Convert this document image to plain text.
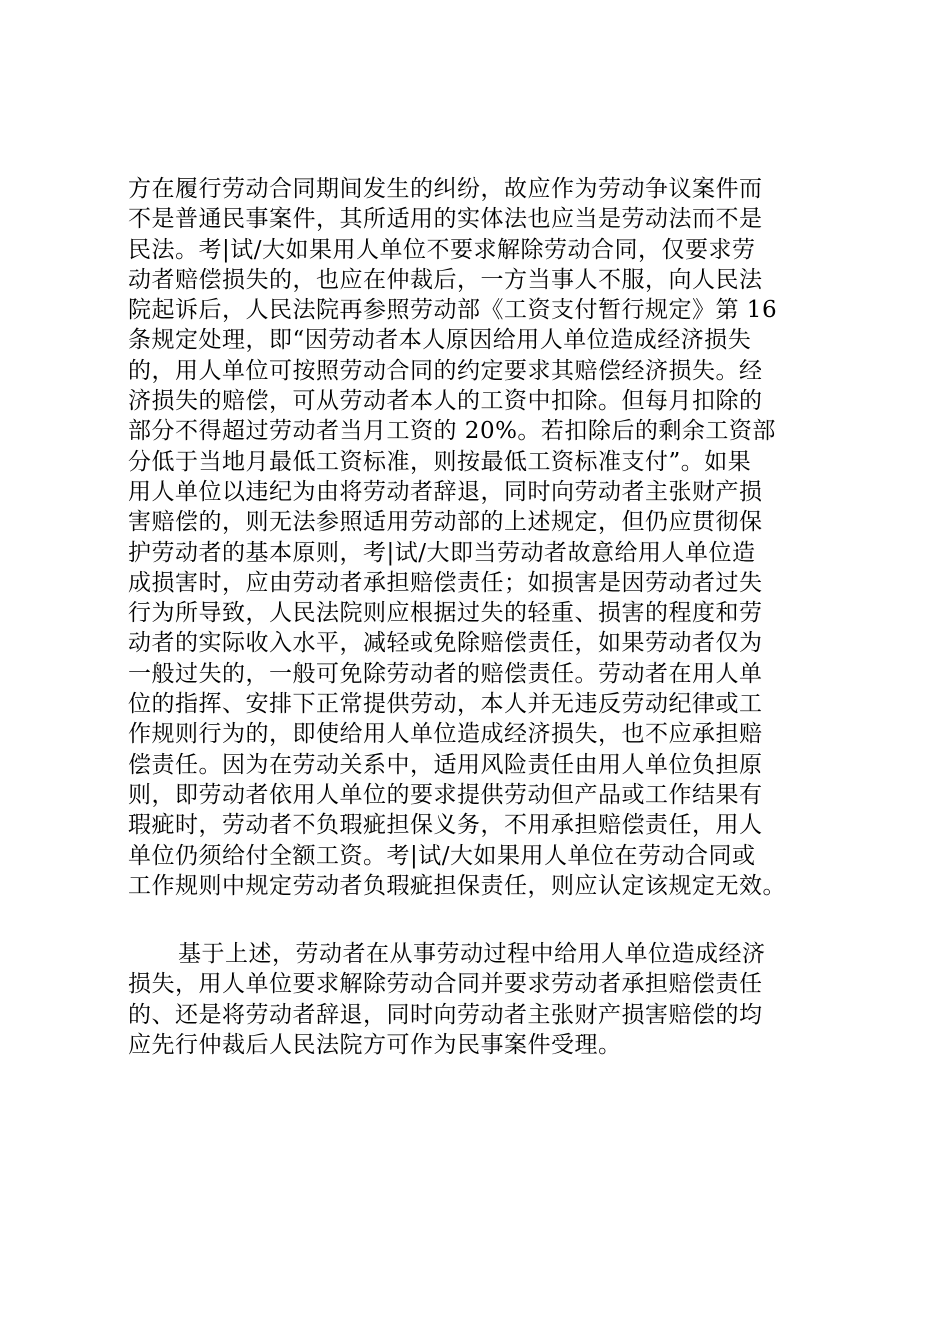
方在履行劳动合同期间发生的纠纷，故应作为劳动争议案件而
不是普通民事案件，其所适用的实体法也应当是劳动法而不是
民法。考|试/大如果用人单位不要求解除劳动合同，仅要求劳
动者赔偿损失的，也应在仲裁后，一方当事人不服，向人民法
院起诉后，人民法院再参照劳动部《工资支付暂行规定》第 16
条规定处理，即“因劳动者本人原因给用人单位造成经济损失
的，用人单位可按照劳动合同的约定要求其赔偿经济损失。经
济损失的赔偿，可从劳动者本人的工资中扣除。但每月扣除的
部分不得超过劳动者当月工资的 20%。若扣除后的剩余工资部
分低于当地月最低工资标准，则按最低工资标准支付”。如果
用人单位以违纪为由将劳动者辞退，同时向劳动者主张财产损
害赔偿的，则无法参照适用劳动部的上述规定，但仍应贯彻保
护劳动者的基本原则，考|试/大即当劳动者故意给用人单位造
成损害时，应由劳动者承担赔偿责任；如损害是因劳动者过失
行为所导致，人民法院则应根据过失的轻重、损害的程度和劳
动者的实际收入水平，减轻或免除赔偿责任，如果劳动者仅为
一般过失的，一般可免除劳动者的赔偿责任。劳动者在用人单
位的指挥、安排下正常提供劳动，本人并无违反劳动纪律或工
作规则行为的，即使给用人单位造成经济损失，也不应承担赔
偿责任。因为在劳动关系中，适用风险责任由用人单位负担原
则，即劳动者依用人单位的要求提供劳动但产品或工作结果有
瑕疵时，劳动者不负瑕疵担保义务，不用承担赔偿责任，用人
单位仍须给付全额工资。考|试/大如果用人单位在劳动合同或
工作规则中规定劳动者负瑕疵担保责任，则应认定该规定无效。
基于上述，劳动者在从事劳动过程中给用人单位造成经济
损失，用人单位要求解除劳动合同并要求劳动者承担赔偿责任
的、还是将劳动者辞退，同时向劳动者主张财产损害赔偿的均
应先行仲裁后人民法院方可作为民事案件受理。
